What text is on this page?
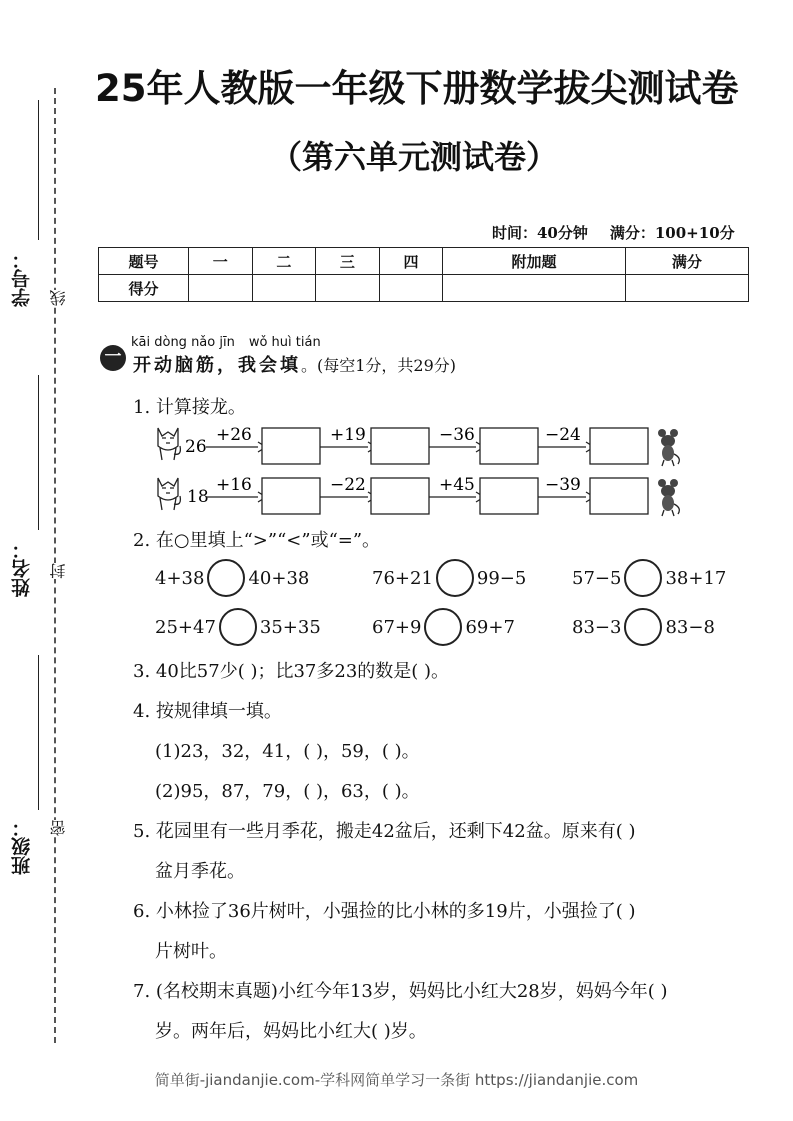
学号： 线
姓名： 封
班级： 密
25年人教版一年级下册数学拔尖测试卷
（第六单元测试卷）
时间：40分钟 满分：100+10分
题号	一	二	三	四	附加题	满分
得分						
kāi dòng nǎo jīn wǒ huì tián
一 开动脑筋，我会填。(每空1分，共29分)
1. 计算接龙。
26
+26	+19	−36	−24
18
+16	−22	+45	−39
2. 在○里填上“>”“<”或“=”。
4+38 40+38	76+21 99−5	57−5 38+17
25+47 35+35	67+9 69+7	83−3 83−8
3. 40比57少( )；比37多23的数是( )。
4. 按规律填一填。
(1)23，32，41，( )，59，( )。
(2)95，87，79，( )，63，( )。
5. 花园里有一些月季花，搬走42盆后，还剩下42盆。原来有( )
盆月季花。
6. 小林捡了36片树叶，小强捡的比小林的多19片，小强捡了( )
片树叶。
7. (名校期末真题)小红今年13岁，妈妈比小红大28岁，妈妈今年( )
岁。两年后，妈妈比小红大( )岁。
简单街-jiandanjie.com-学科网简单学习一条街 https://jiandanjie.com
